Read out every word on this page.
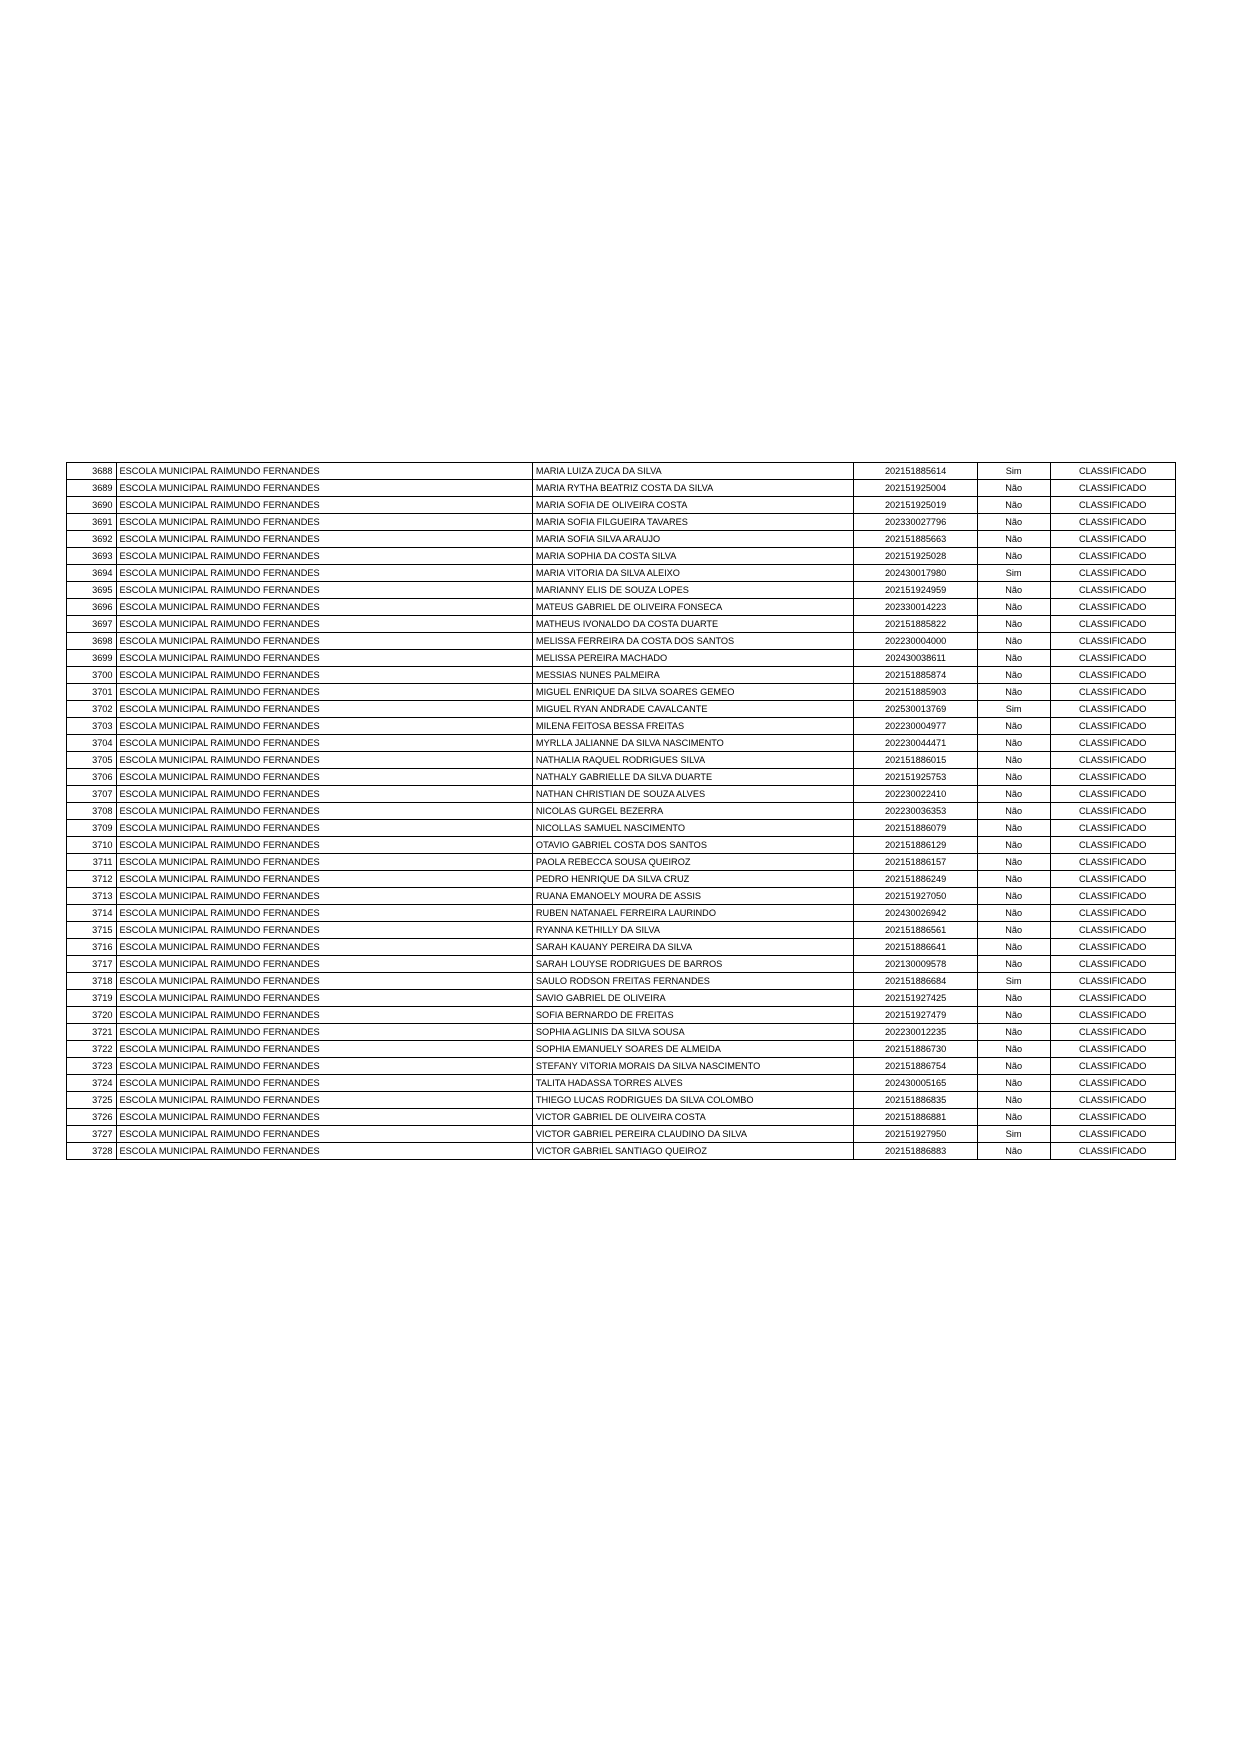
3688	ESCOLA MUNICIPAL RAIMUNDO FERNANDES	MARIA LUIZA ZUCA DA SILVA	202151885614	Sim	CLASSIFICADO
3689	ESCOLA MUNICIPAL RAIMUNDO FERNANDES	MARIA RYTHA BEATRIZ COSTA DA SILVA	202151925004	Não	CLASSIFICADO
3690	ESCOLA MUNICIPAL RAIMUNDO FERNANDES	MARIA SOFIA DE OLIVEIRA COSTA	202151925019	Não	CLASSIFICADO
3691	ESCOLA MUNICIPAL RAIMUNDO FERNANDES	MARIA SOFIA FILGUEIRA TAVARES	202330027796	Não	CLASSIFICADO
3692	ESCOLA MUNICIPAL RAIMUNDO FERNANDES	MARIA SOFIA SILVA ARAUJO	202151885663	Não	CLASSIFICADO
3693	ESCOLA MUNICIPAL RAIMUNDO FERNANDES	MARIA SOPHIA DA COSTA SILVA	202151925028	Não	CLASSIFICADO
3694	ESCOLA MUNICIPAL RAIMUNDO FERNANDES	MARIA VITORIA DA SILVA ALEIXO	202430017980	Sim	CLASSIFICADO
3695	ESCOLA MUNICIPAL RAIMUNDO FERNANDES	MARIANNY ELIS DE SOUZA LOPES	202151924959	Não	CLASSIFICADO
3696	ESCOLA MUNICIPAL RAIMUNDO FERNANDES	MATEUS GABRIEL DE OLIVEIRA FONSECA	202330014223	Não	CLASSIFICADO
3697	ESCOLA MUNICIPAL RAIMUNDO FERNANDES	MATHEUS IVONALDO DA COSTA DUARTE	202151885822	Não	CLASSIFICADO
3698	ESCOLA MUNICIPAL RAIMUNDO FERNANDES	MELISSA FERREIRA DA COSTA DOS SANTOS	202230004000	Não	CLASSIFICADO
3699	ESCOLA MUNICIPAL RAIMUNDO FERNANDES	MELISSA PEREIRA MACHADO	202430038611	Não	CLASSIFICADO
3700	ESCOLA MUNICIPAL RAIMUNDO FERNANDES	MESSIAS NUNES PALMEIRA	202151885874	Não	CLASSIFICADO
3701	ESCOLA MUNICIPAL RAIMUNDO FERNANDES	MIGUEL ENRIQUE DA SILVA SOARES GEMEO	202151885903	Não	CLASSIFICADO
3702	ESCOLA MUNICIPAL RAIMUNDO FERNANDES	MIGUEL RYAN ANDRADE CAVALCANTE	202530013769	Sim	CLASSIFICADO
3703	ESCOLA MUNICIPAL RAIMUNDO FERNANDES	MILENA FEITOSA BESSA FREITAS	202230004977	Não	CLASSIFICADO
3704	ESCOLA MUNICIPAL RAIMUNDO FERNANDES	MYRLLA JALIANNE DA SILVA NASCIMENTO	202230044471	Não	CLASSIFICADO
3705	ESCOLA MUNICIPAL RAIMUNDO FERNANDES	NATHALIA RAQUEL RODRIGUES SILVA	202151886015	Não	CLASSIFICADO
3706	ESCOLA MUNICIPAL RAIMUNDO FERNANDES	NATHALY GABRIELLE DA SILVA DUARTE	202151925753	Não	CLASSIFICADO
3707	ESCOLA MUNICIPAL RAIMUNDO FERNANDES	NATHAN CHRISTIAN DE SOUZA ALVES	202230022410	Não	CLASSIFICADO
3708	ESCOLA MUNICIPAL RAIMUNDO FERNANDES	NICOLAS GURGEL BEZERRA	202230036353	Não	CLASSIFICADO
3709	ESCOLA MUNICIPAL RAIMUNDO FERNANDES	NICOLLAS SAMUEL NASCIMENTO	202151886079	Não	CLASSIFICADO
3710	ESCOLA MUNICIPAL RAIMUNDO FERNANDES	OTAVIO GABRIEL COSTA DOS SANTOS	202151886129	Não	CLASSIFICADO
3711	ESCOLA MUNICIPAL RAIMUNDO FERNANDES	PAOLA REBECCA SOUSA QUEIROZ	202151886157	Não	CLASSIFICADO
3712	ESCOLA MUNICIPAL RAIMUNDO FERNANDES	PEDRO HENRIQUE DA SILVA CRUZ	202151886249	Não	CLASSIFICADO
3713	ESCOLA MUNICIPAL RAIMUNDO FERNANDES	RUANA EMANOELY MOURA DE ASSIS	202151927050	Não	CLASSIFICADO
3714	ESCOLA MUNICIPAL RAIMUNDO FERNANDES	RUBEN NATANAEL FERREIRA LAURINDO	202430026942	Não	CLASSIFICADO
3715	ESCOLA MUNICIPAL RAIMUNDO FERNANDES	RYANNA KETHILLY DA SILVA	202151886561	Não	CLASSIFICADO
3716	ESCOLA MUNICIPAL RAIMUNDO FERNANDES	SARAH KAUANY PEREIRA DA SILVA	202151886641	Não	CLASSIFICADO
3717	ESCOLA MUNICIPAL RAIMUNDO FERNANDES	SARAH LOUYSE RODRIGUES DE BARROS	202130009578	Não	CLASSIFICADO
3718	ESCOLA MUNICIPAL RAIMUNDO FERNANDES	SAULO RODSON FREITAS FERNANDES	202151886684	Sim	CLASSIFICADO
3719	ESCOLA MUNICIPAL RAIMUNDO FERNANDES	SAVIO GABRIEL DE OLIVEIRA	202151927425	Não	CLASSIFICADO
3720	ESCOLA MUNICIPAL RAIMUNDO FERNANDES	SOFIA BERNARDO DE FREITAS	202151927479	Não	CLASSIFICADO
3721	ESCOLA MUNICIPAL RAIMUNDO FERNANDES	SOPHIA AGLINIS DA SILVA SOUSA	202230012235	Não	CLASSIFICADO
3722	ESCOLA MUNICIPAL RAIMUNDO FERNANDES	SOPHIA EMANUELY SOARES DE ALMEIDA	202151886730	Não	CLASSIFICADO
3723	ESCOLA MUNICIPAL RAIMUNDO FERNANDES	STEFANY VITORIA MORAIS DA SILVA NASCIMENTO	202151886754	Não	CLASSIFICADO
3724	ESCOLA MUNICIPAL RAIMUNDO FERNANDES	TALITA HADASSA TORRES ALVES	202430005165	Não	CLASSIFICADO
3725	ESCOLA MUNICIPAL RAIMUNDO FERNANDES	THIEGO LUCAS RODRIGUES DA SILVA COLOMBO	202151886835	Não	CLASSIFICADO
3726	ESCOLA MUNICIPAL RAIMUNDO FERNANDES	VICTOR GABRIEL DE OLIVEIRA COSTA	202151886881	Não	CLASSIFICADO
3727	ESCOLA MUNICIPAL RAIMUNDO FERNANDES	VICTOR GABRIEL PEREIRA CLAUDINO DA SILVA	202151927950	Sim	CLASSIFICADO
3728	ESCOLA MUNICIPAL RAIMUNDO FERNANDES	VICTOR GABRIEL SANTIAGO QUEIROZ	202151886883	Não	CLASSIFICADO
